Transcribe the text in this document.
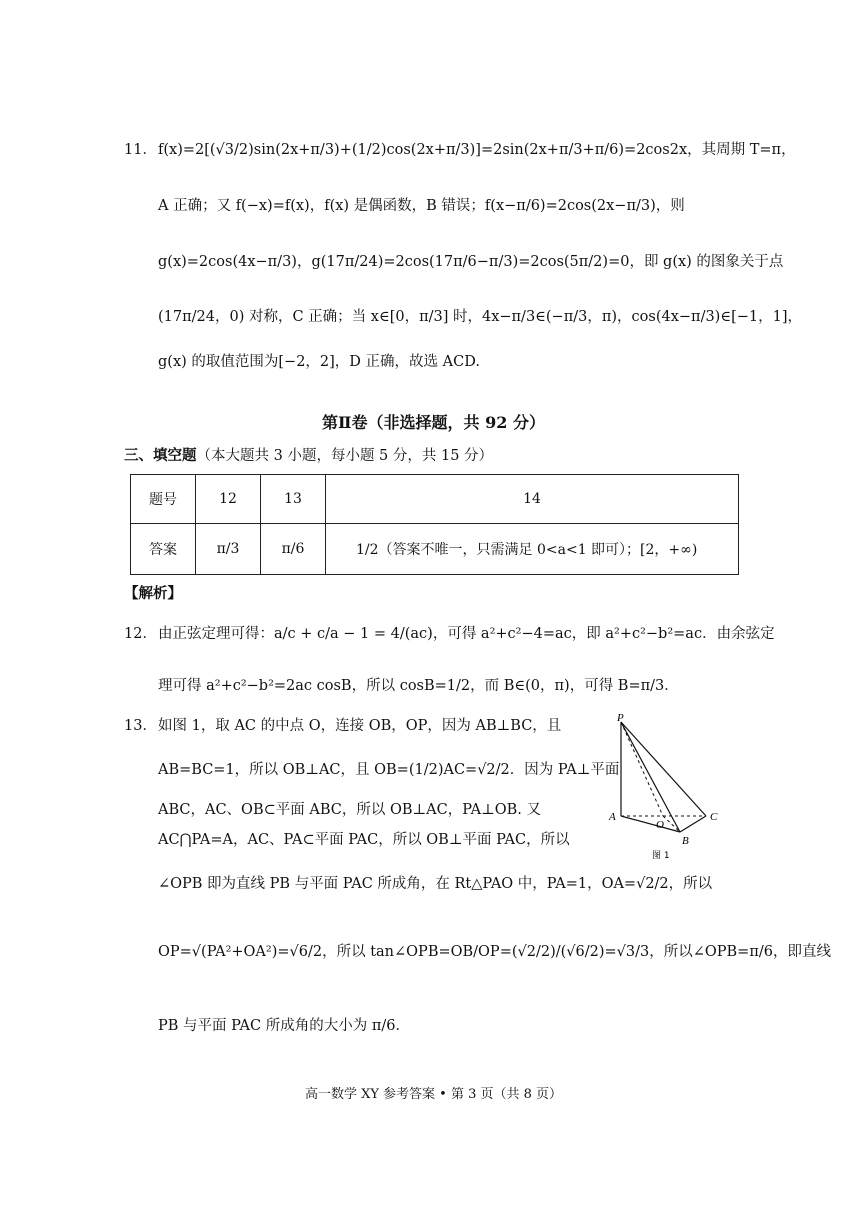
11． f(x)=2[(√3/2)sin(2x+π/3)+(1/2)cos(2x+π/3)]=2sin(2x+π/3+π/6)=2cos2x，其周期 T=π，
A 正确；又 f(−x)=f(x)，f(x) 是偶函数，B 错误；f(x−π/6)=2cos(2x−π/3)，则
g(x)=2cos(4x−π/3)，g(17π/24)=2cos(17π/6−π/3)=2cos(5π/2)=0，即 g(x) 的图象关于点
(17π/24，0) 对称，C 正确；当 x∈[0，π/3] 时，4x−π/3∈(−π/3，π)，cos(4x−π/3)∈[−1，1]，
g(x) 的取值范围为[−2，2]，D 正确，故选 ACD.
第Ⅱ卷（非选择题，共 92 分）
三、填空题（本大题共 3 小题，每小题 5 分，共 15 分）
题号	12	13	14
答案	π/3	π/6	1/2（答案不唯一，只需满足 0<a<1 即可）；[2，+∞)
【解析】
12． 由正弦定理可得：a/c + c/a − 1 = 4/(ac)，可得 a²+c²−4=ac，即 a²+c²−b²=ac．由余弦定
理可得 a²+c²−b²=2ac cosB，所以 cosB=1/2，而 B∈(0，π)，可得 B=π/3．
13． 如图 1，取 AC 的中点 O，连接 OB，OP，因为 AB⊥BC，且
AB=BC=1，所以 OB⊥AC，且 OB=(1/2)AC=√2/2．因为 PA⊥平面
ABC，AC、OB⊂平面 ABC，所以 OB⊥AC，PA⊥OB. 又
AC⋂PA=A，AC、PA⊂平面 PAC，所以 OB⊥平面 PAC，所以
∠OPB 即为直线 PB 与平面 PAC 所成角，在 Rt△PAO 中，PA=1，OA=√2/2，所以
OP=√(PA²+OA²)=√6/2，所以 tan∠OPB=OB/OP=(√2/2)/(√6/2)=√3/3，所以∠OPB=π/6，即直线
PB 与平面 PAC 所成角的大小为 π/6．
P
A
O
B
C
图 1
高一数学 XY 参考答案 • 第 3 页（共 8 页）
